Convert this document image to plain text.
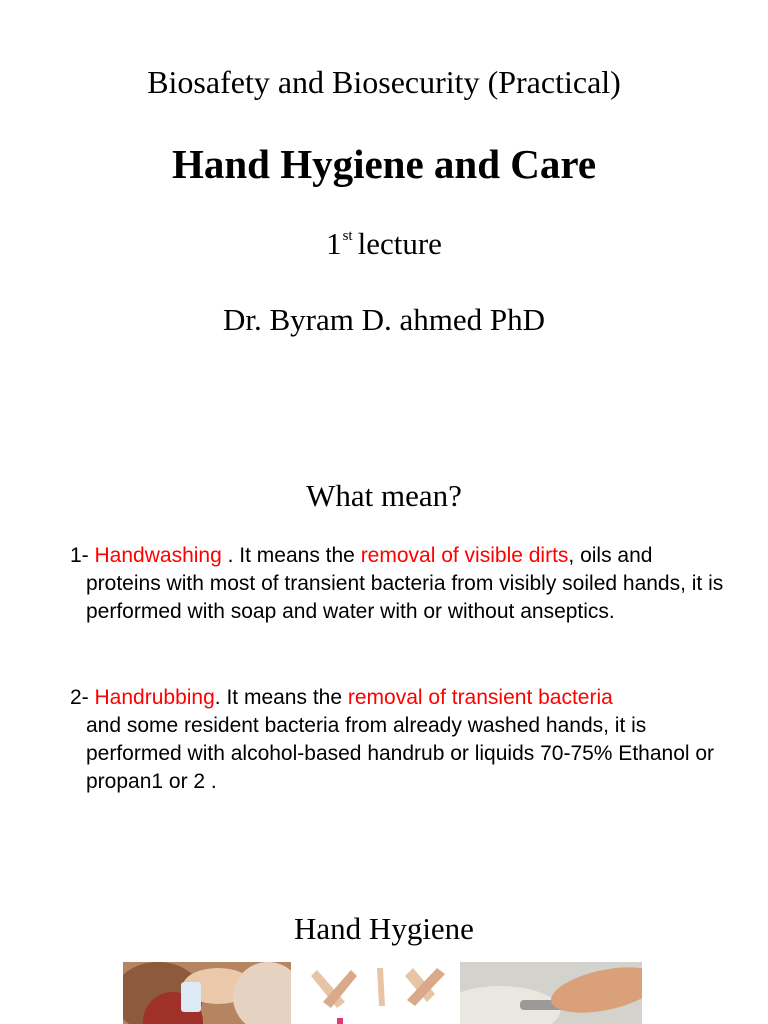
Biosafety and Biosecurity (Practical)
Hand Hygiene and Care
1st lecture
Dr. Byram D. ahmed PhD
What mean?
1- Handwashing . It means the removal of visible dirts, oils and
proteins with most of transient bacteria from visibly soiled hands, it is performed with soap and water with or without anseptics.
2- Handrubbing. It means the removal of transient bacteria
and some resident bacteria from already washed hands, it is performed with alcohol-based handrub or liquids 70-75% Ethanol or propan1 or 2 .
Hand Hygiene
